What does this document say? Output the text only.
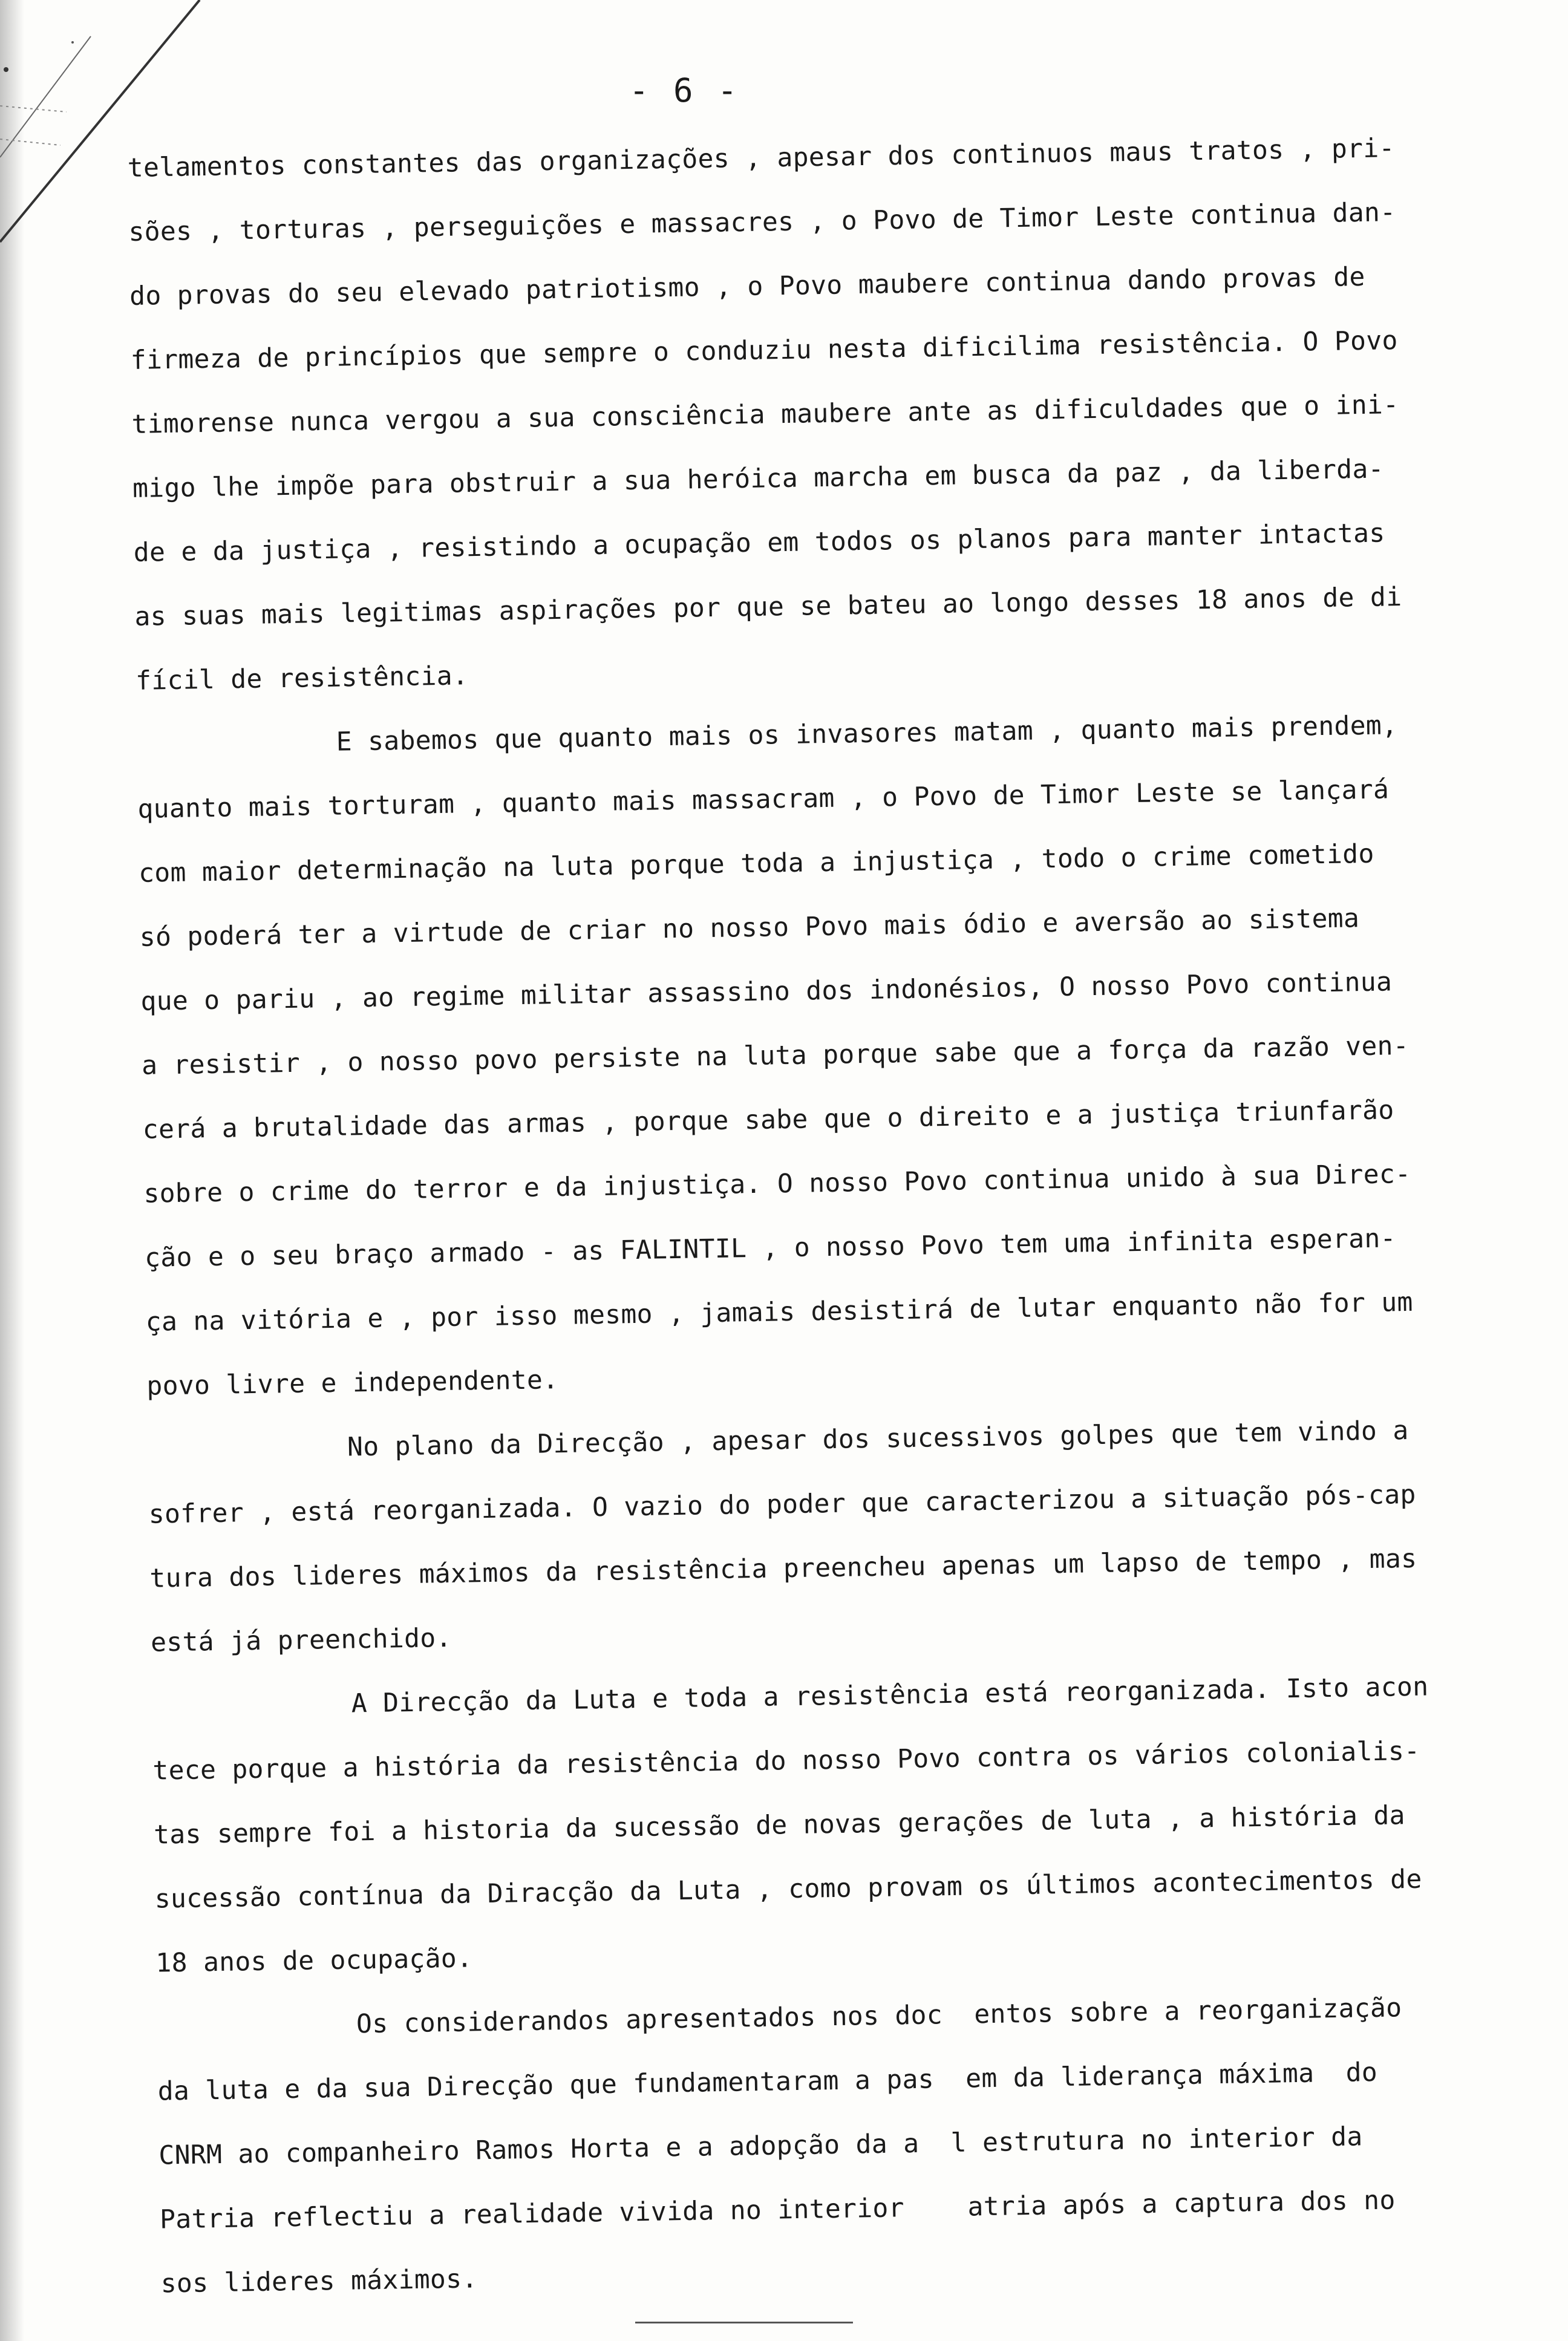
- 6 -
telamentos constantes das organizações , apesar dos continuos maus tratos , pri-
sões , torturas , perseguições e massacres , o Povo de Timor Leste continua dan-
do provas do seu elevado patriotismo , o Povo maubere continua dando provas de
firmeza de princípios que sempre o conduziu nesta dificilima resistência. O Povo
timorense nunca vergou a sua consciência maubere ante as dificuldades que o ini-
migo lhe impõe para obstruir a sua heróica marcha em busca da paz , da liberda-
de e da justiça , resistindo a ocupação em todos os planos para manter intactas
as suas mais legitimas aspirações por que se bateu ao longo desses 18 anos de di
fícil de resistência.
E sabemos que quanto mais os invasores matam , quanto mais prendem,
quanto mais torturam , quanto mais massacram , o Povo de Timor Leste se lançará
com maior determinação na luta porque toda a injustiça , todo o crime cometido
só poderá ter a virtude de criar no nosso Povo mais ódio e aversão ao sistema
que o pariu , ao regime militar assassino dos indonésios, O nosso Povo continua
a resistir , o nosso povo persiste na luta porque sabe que a força da razão ven-
cerá a brutalidade das armas , porque sabe que o direito e a justiça triunfarão
sobre o crime do terror e da injustiça. O nosso Povo continua unido à sua Direc-
ção e o seu braço armado - as FALINTIL , o nosso Povo tem uma infinita esperan-
ça na vitória e , por isso mesmo , jamais desistirá de lutar enquanto não for um
povo livre e independente.
No plano da Direcção , apesar dos sucessivos golpes que tem vindo a
sofrer , está reorganizada. O vazio do poder que caracterizou a situação pós-cap
tura dos lideres máximos da resistência preencheu apenas um lapso de tempo , mas
está já preenchido.
A Direcção da Luta e toda a resistência está reorganizada. Isto acon
tece porque a história da resistência do nosso Povo contra os vários colonialis-
tas sempre foi a historia da sucessão de novas gerações de luta , a história da
sucessão contínua da Diracção da Luta , como provam os últimos acontecimentos de
18 anos de ocupação.
Os considerandos apresentados nos doc  entos sobre a reorganização
da luta e da sua Direcção que fundamentaram a pas  em da liderança máxima  do
CNRM ao companheiro Ramos Horta e a adopção da a  l estrutura no interior da
Patria reflectiu a realidade vivida no interior    atria após a captura dos no
sos lideres máximos.
